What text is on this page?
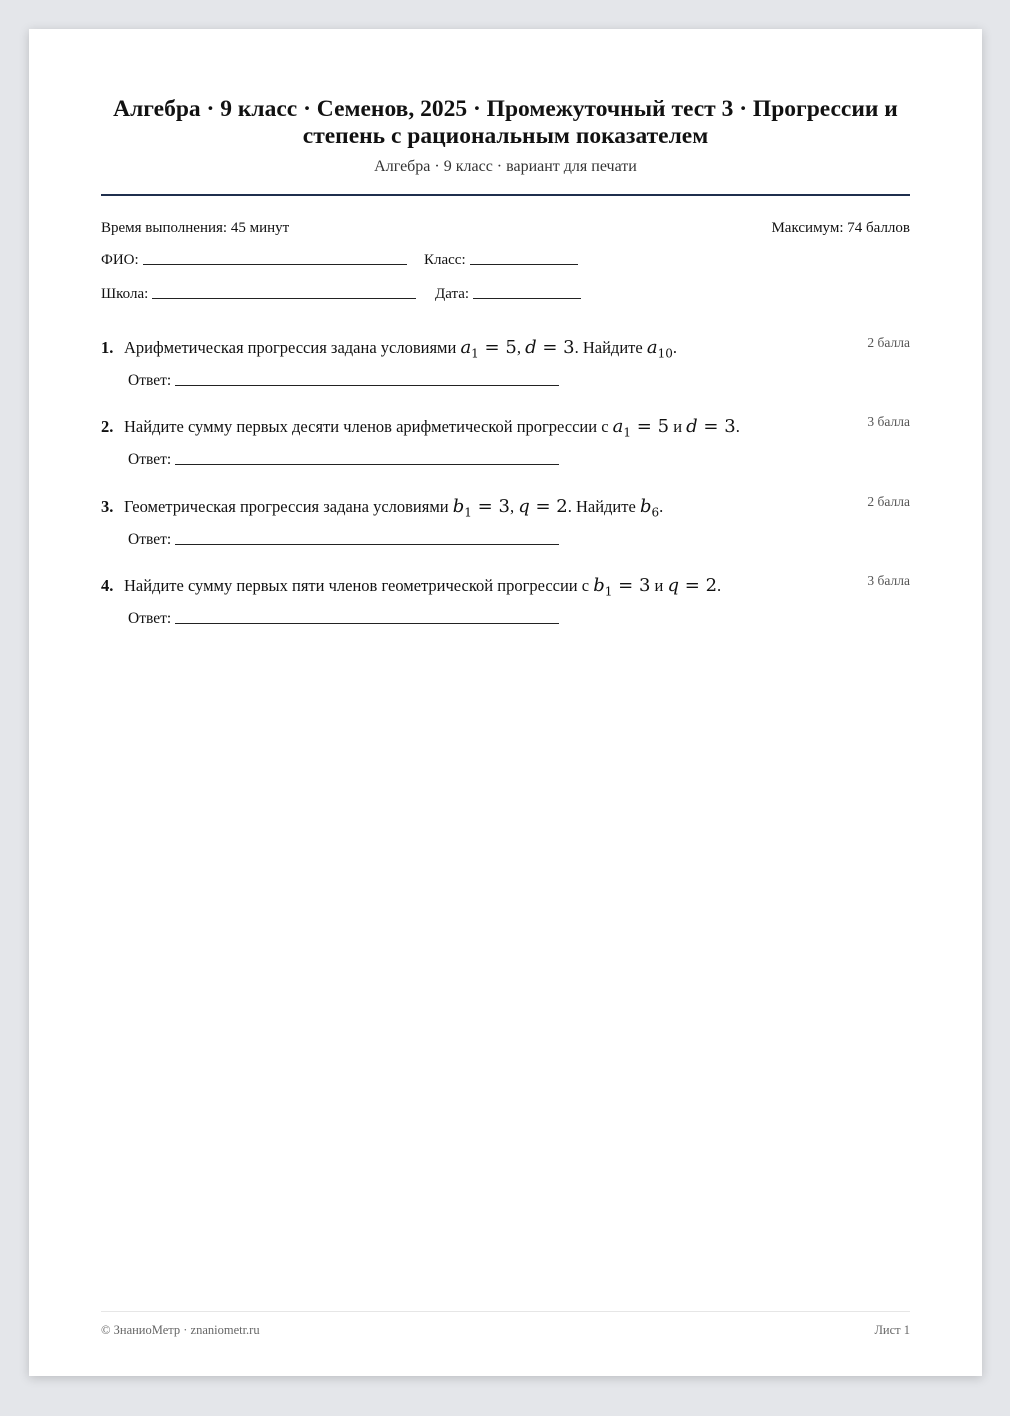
Алгебра · 9 класс · Семенов, 2025 · Промежуточный тест 3 · Прогрессии и степень с рациональным показателем
Алгебра · 9 класс · вариант для печати
Время выполнения: 45 минут	Максимум: 74 баллов
ФИО:	Класс:
Школа:	Дата:
1. Арифметическая прогрессия задана условиями $a_1 = 5$, d = 3. Найдите $a_{10}$.	2 балла
Ответ:
2. Найдите сумму первых десяти членов арифметической прогрессии с $a_1 = 5$ и d = 3.	3 балла
Ответ:
3. Геометрическая прогрессия задана условиями $b_1 = 3$, q = 2. Найдите $b_6$.	2 балла
Ответ:
4. Найдите сумму первых пяти членов геометрической прогрессии с $b_1 = 3$ и q = 2.	3 балла
Ответ:
© ЗнаниоМетр · znaniometr.ru	Лист 1
